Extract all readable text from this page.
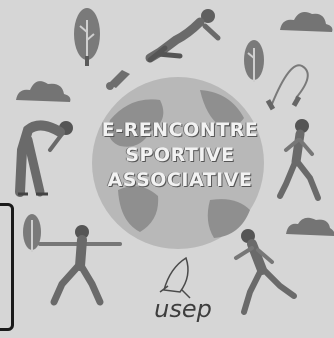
E-RENCONTRE
SPORTIVE
ASSOCIATIVE
usep
